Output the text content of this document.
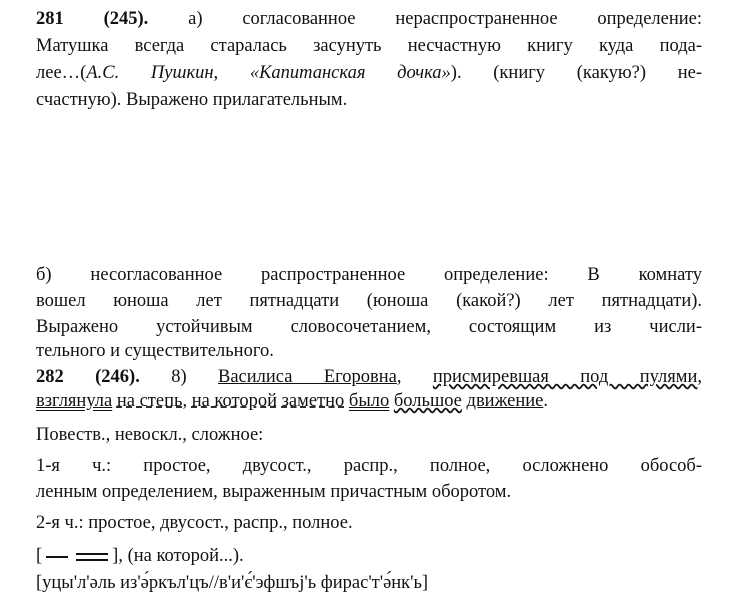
281 (245). а) согласованное нераспространенное определение:
Матушка всегда старалась засунуть несчастную книгу куда пода-
лее…(А.С. Пушкин, «Капитанская дочка»). (книгу (какую?) не-
счастную). Выражено прилагательным.
б) несогласованное распространенное определение: В комнату
вошел юноша лет пятнадцати (юноша (какой?) лет пятнадцати).
Выражено устойчивым словосочетанием, состоящим из числи-
тельного и существительного.
282 (246). 8) Василиса Егоровна, присмиревшая под пулями,
взглянула на степь, на которой заметно было большое движение.
Повеств., невоскл., сложное:
1-я ч.: простое, двусост., распр., полное, осложнено обособ-
ленным определением, выраженным причастным оборотом.
2-я ч.: простое, двусост., распр., полное.
[	], (на которой...).
[уцы'л'ǝль из'ǝ́ркъл'цъ//в'и'є́'эфшъј'ь фирас'т'ǝ́нк'ь]
